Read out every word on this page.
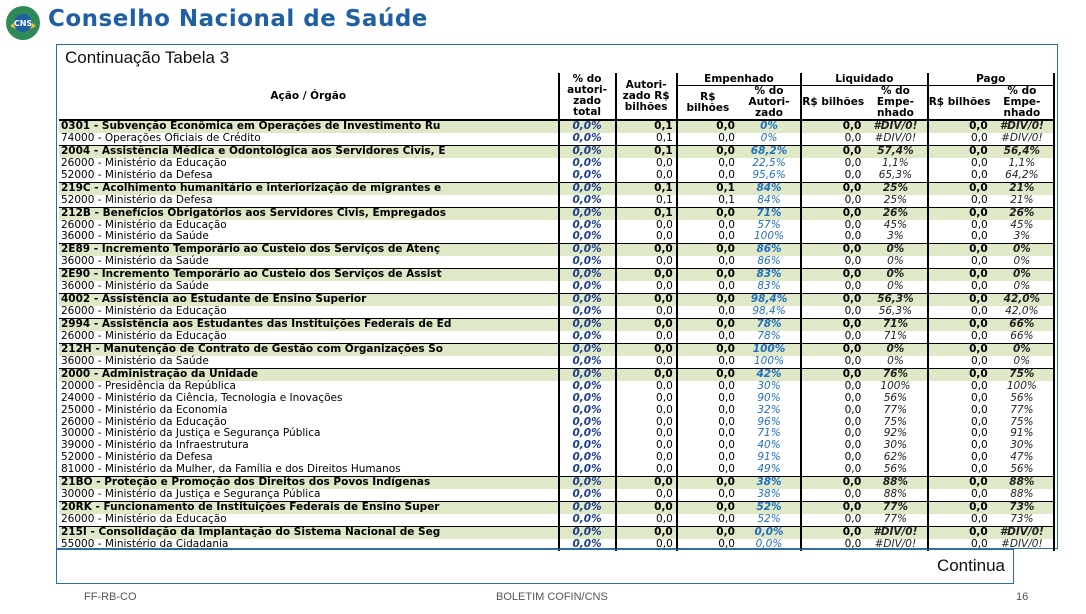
CNS Conselho Nacional de Saúde
Continuação Tabela 3
Ação / Órgão	% do autori-zado total	Autori-zado R$ bilhões	Empenhado		Liquidado		Pago	
			R$ bilhões	% do Autori-zado	R$ bilhões	% do Empe-nhado	R$ bilhões	% do Empe-nhado
0301 - Subvenção Econômica em Operações de Investimento Ru	0,0%	0,1	0,0	0%	0,0	#DIV/0!	0,0	#DIV/0!
74000 - Operações Oficiais de Crédito	0,0%	0,1	0,0	0%	0,0	#DIV/0!	0,0	#DIV/0!
2004 - Assistência Médica e Odontológica aos Servidores Civis, E	0,0%	0,1	0,0	68,2%	0,0	57,4%	0,0	56,4%
26000 - Ministério da Educação	0,0%	0,0	0,0	22,5%	0,0	1,1%	0,0	1,1%
52000 - Ministério da Defesa	0,0%	0,0	0,0	95,6%	0,0	65,3%	0,0	64,2%
219C - Acolhimento humanitário e interiorização de migrantes e	0,0%	0,1	0,1	84%	0,0	25%	0,0	21%
52000 - Ministério da Defesa	0,0%	0,1	0,1	84%	0,0	25%	0,0	21%
212B - Benefícios Obrigatórios aos Servidores Civis, Empregados	0,0%	0,1	0,0	71%	0,0	26%	0,0	26%
26000 - Ministério da Educação	0,0%	0,0	0,0	57%	0,0	45%	0,0	45%
36000 - Ministério da Saúde	0,0%	0,0	0,0	100%	0,0	3%	0,0	3%
2E89 - Incremento Temporário ao Custeio dos Serviços de Atenç	0,0%	0,0	0,0	86%	0,0	0%	0,0	0%
36000 - Ministério da Saúde	0,0%	0,0	0,0	86%	0,0	0%	0,0	0%
2E90 - Incremento Temporário ao Custeio dos Serviços de Assist	0,0%	0,0	0,0	83%	0,0	0%	0,0	0%
36000 - Ministério da Saúde	0,0%	0,0	0,0	83%	0,0	0%	0,0	0%
4002 - Assistência ao Estudante de Ensino Superior	0,0%	0,0	0,0	98,4%	0,0	56,3%	0,0	42,0%
26000 - Ministério da Educação	0,0%	0,0	0,0	98,4%	0,0	56,3%	0,0	42,0%
2994 - Assistência aos Estudantes das Instituições Federais de Ed	0,0%	0,0	0,0	78%	0,0	71%	0,0	66%
26000 - Ministério da Educação	0,0%	0,0	0,0	78%	0,0	71%	0,0	66%
212H - Manutenção de Contrato de Gestão com Organizações So	0,0%	0,0	0,0	100%	0,0	0%	0,0	0%
36000 - Ministério da Saúde	0,0%	0,0	0,0	100%	0,0	0%	0,0	0%
2000 - Administração da Unidade	0,0%	0,0	0,0	42%	0,0	76%	0,0	75%
20000 - Presidência da República	0,0%	0,0	0,0	30%	0,0	100%	0,0	100%
24000 - Ministério da Ciência, Tecnologia e Inovações	0,0%	0,0	0,0	90%	0,0	56%	0,0	56%
25000 - Ministério da Economia	0,0%	0,0	0,0	32%	0,0	77%	0,0	77%
26000 - Ministério da Educação	0,0%	0,0	0,0	96%	0,0	75%	0,0	75%
30000 - Ministério da Justiça e Segurança Pública	0,0%	0,0	0,0	71%	0,0	92%	0,0	91%
39000 - Ministério da Infraestrutura	0,0%	0,0	0,0	40%	0,0	30%	0,0	30%
52000 - Ministério da Defesa	0,0%	0,0	0,0	91%	0,0	62%	0,0	47%
81000 - Ministério da Mulher, da Família e dos Direitos Humanos	0,0%	0,0	0,0	49%	0,0	56%	0,0	56%
21BO - Proteção e Promoção dos Direitos dos Povos Indígenas	0,0%	0,0	0,0	38%	0,0	88%	0,0	88%
30000 - Ministério da Justiça e Segurança Pública	0,0%	0,0	0,0	38%	0,0	88%	0,0	88%
20RK - Funcionamento de Instituições Federais de Ensino Super	0,0%	0,0	0,0	52%	0,0	77%	0,0	73%
26000 - Ministério da Educação	0,0%	0,0	0,0	52%	0,0	77%	0,0	73%
215I - Consolidação da Implantação do Sistema Nacional de Seg	0,0%	0,0	0,0	0,0%	0,0	#DIV/0!	0,0	#DIV/0!
55000 - Ministério da Cidadania	0,0%	0,0	0,0	0,0%	0,0	#DIV/0!	0,0	#DIV/0!
Continua
FF-RB-CO	BOLETIM COFIN/CNS	16
